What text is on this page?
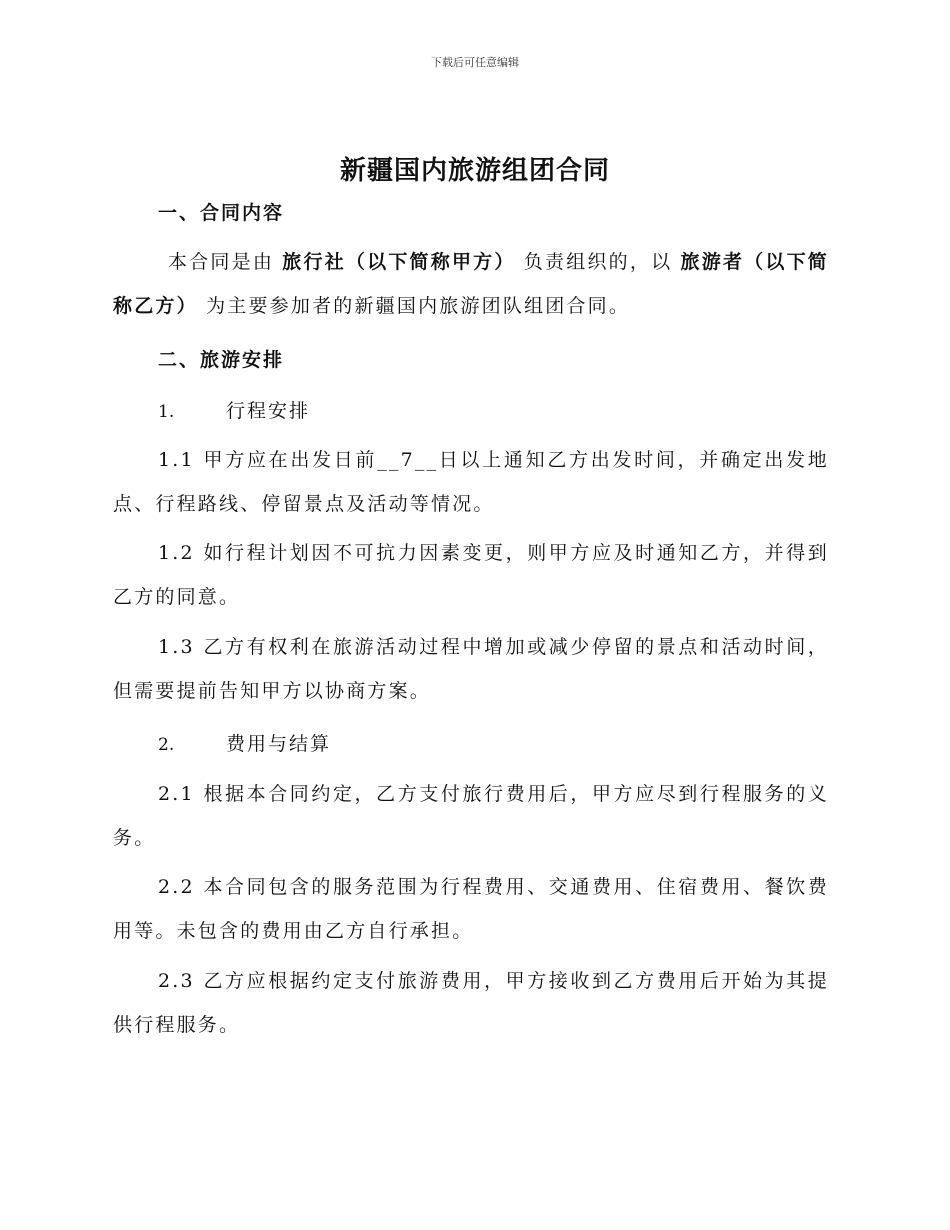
下载后可任意编辑
新疆国内旅游组团合同
一、合同内容
本合同是由 旅行社（以下简称甲方） 负责组织的，以 旅游者（以下简称乙方） 为主要参加者的新疆国内旅游团队组团合同。
二、旅游安排
1.	行程安排
1.1 甲方应在出发日前__7__日以上通知乙方出发时间，并确定出发地点、行程路线、停留景点及活动等情况。
1.2 如行程计划因不可抗力因素变更，则甲方应及时通知乙方，并得到乙方的同意。
1.3 乙方有权利在旅游活动过程中增加或减少停留的景点和活动时间，但需要提前告知甲方以协商方案。
2.	费用与结算
2.1 根据本合同约定，乙方支付旅行费用后，甲方应尽到行程服务的义务。
2.2 本合同包含的服务范围为行程费用、交通费用、住宿费用、餐饮费用等。未包含的费用由乙方自行承担。
2.3 乙方应根据约定支付旅游费用，甲方接收到乙方费用后开始为其提供行程服务。
